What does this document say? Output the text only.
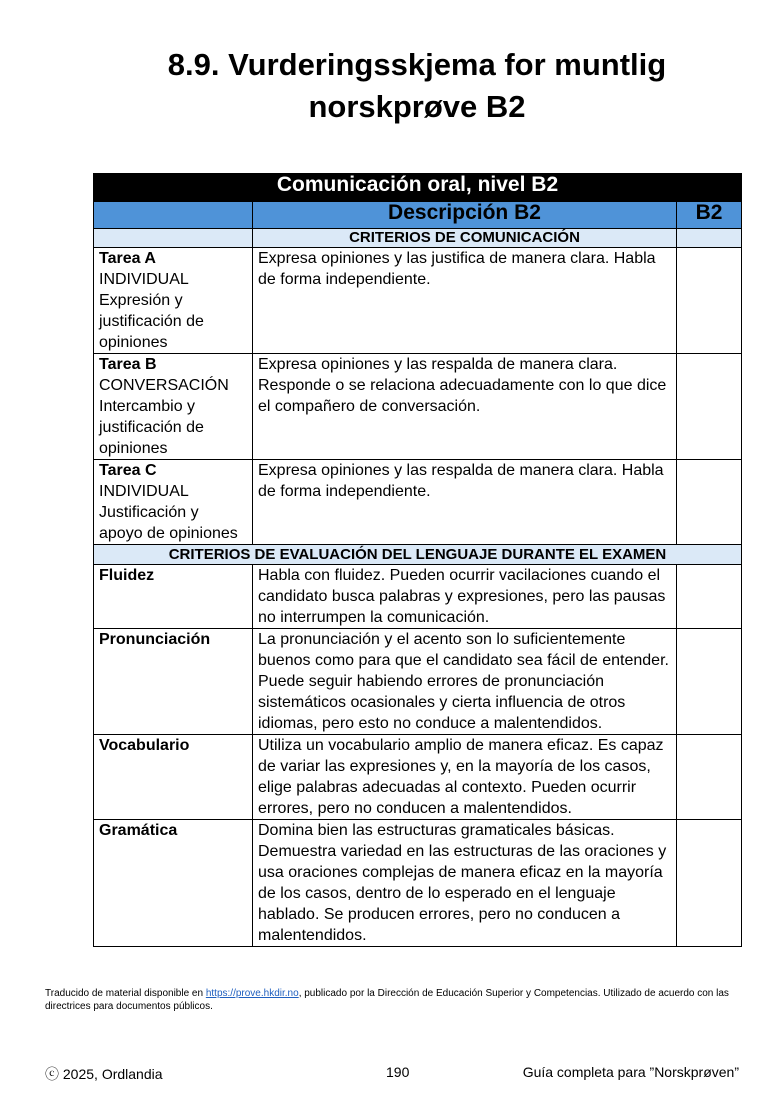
8.9. Vurderingsskjema for muntlig
norskprøve B2
Comunicación oral, nivel B2		
	Descripción B2	B2
	CRITERIOS DE COMUNICACIÓN	

Tarea A
INDIVIDUAL
Expresión y
justificación de
opiniones	Expresa opiniones y las justifica de manera clara. Habla de forma independiente.	

Tarea B
CONVERSACIÓN
Intercambio y
justificación de
opiniones	Expresa opiniones y las respalda de manera clara. Responde o se relaciona adecuadamente con lo que dice el compañero de conversación.	

Tarea C
INDIVIDUAL
Justificación y
apoyo de opiniones	Expresa opiniones y las respalda de manera clara. Habla de forma independiente.	
CRITERIOS DE EVALUACIÓN DEL LENGUAJE DURANTE EL EXAMEN		
Fluidez	Habla con fluidez. Pueden ocurrir vacilaciones cuando el candidato busca palabras y expresiones, pero las pausas no interrumpen la comunicación.	
Pronunciación	La pronunciación y el acento son lo suficientemente buenos como para que el candidato sea fácil de entender. Puede seguir habiendo errores de pronunciación sistemáticos ocasionales y cierta influencia de otros idiomas, pero esto no conduce a malentendidos.	
Vocabulario	Utiliza un vocabulario amplio de manera eficaz. Es capaz de variar las expresiones y, en la mayoría de los casos, elige palabras adecuadas al contexto. Pueden ocurrir errores, pero no conducen a malentendidos.	
Gramática	Domina bien las estructuras gramaticales básicas. Demuestra variedad en las estructuras de las oraciones y usa oraciones complejas de manera eficaz en la mayoría de los casos, dentro de lo esperado en el lenguaje hablado. Se producen errores, pero no conducen a malentendidos.	
Traducido de material disponible en https://prove.hkdir.no, publicado por la Dirección de Educación Superior y Competencias. Utilizado de acuerdo con las directrices para documentos públicos.
ⓒ 2025, Ordlandia	190	Guía completa para ”Norskprøven”
